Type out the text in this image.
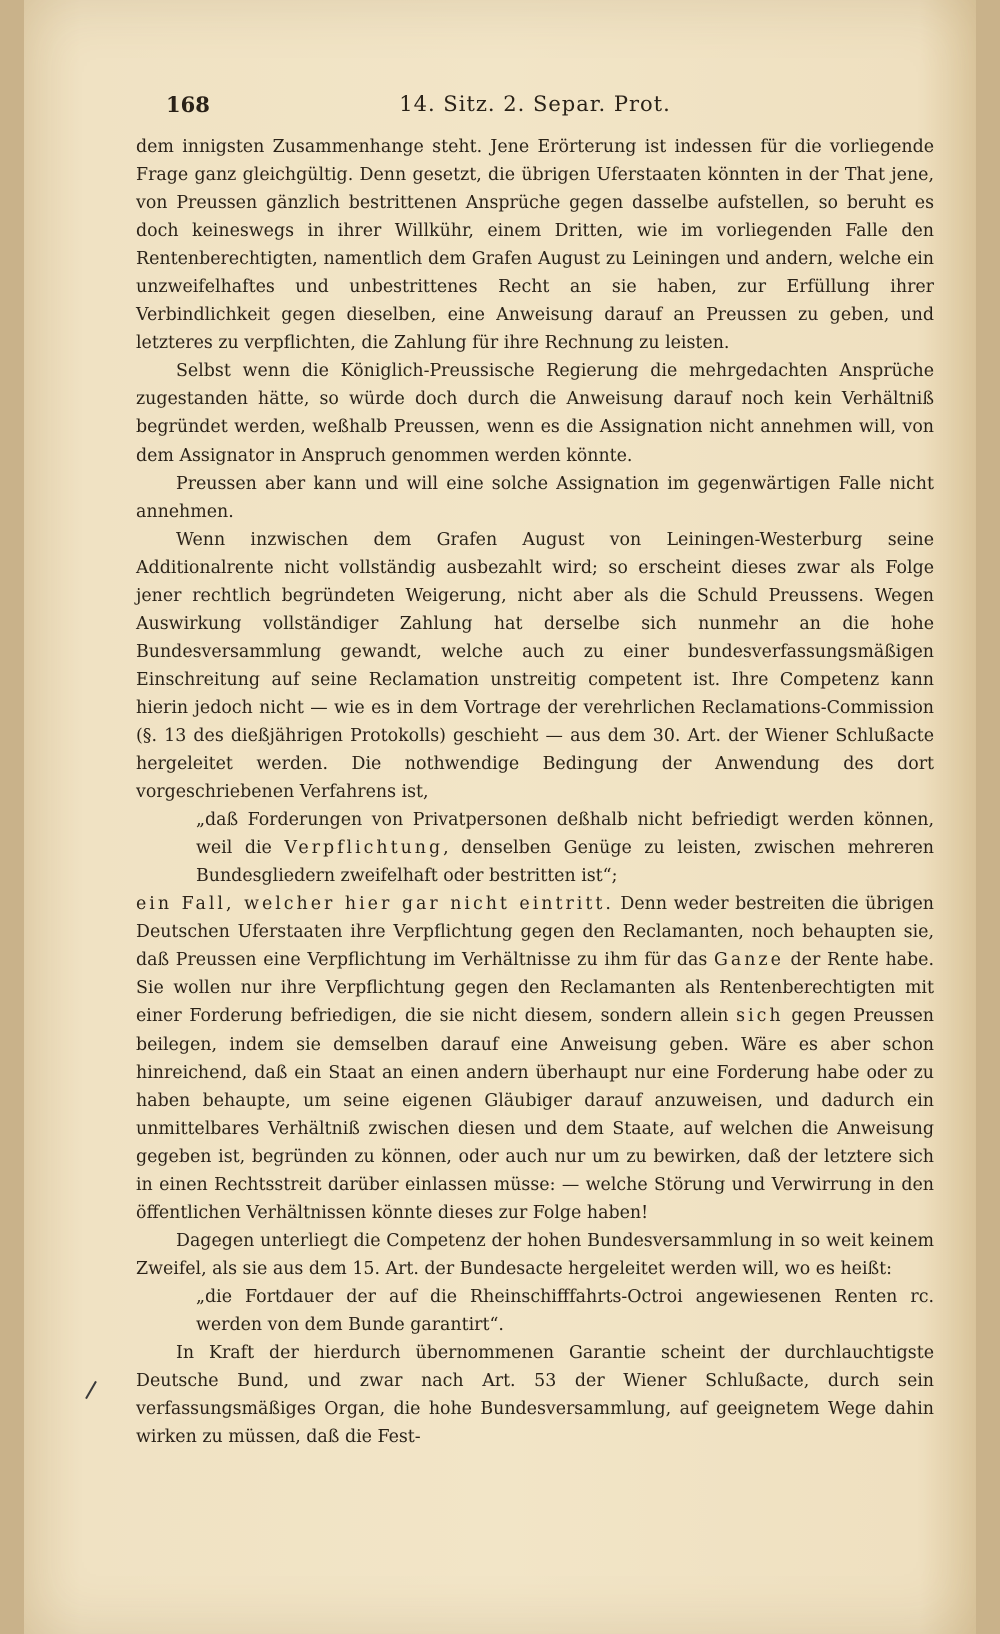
168	14. Sitz. 2. Separ. Prot.

dem innigsten Zusammenhange steht. Jene Erörterung ist indessen für die vorliegende Frage ganz gleichgültig. Denn gesetzt, die übrigen Uferstaaten könnten in der That jene, von Preussen gänzlich bestrittenen Ansprüche gegen dasselbe aufstellen, so beruht es doch keineswegs in ihrer Willkühr, einem Dritten, wie im vorliegenden Falle den Rentenberechtigten, namentlich dem Grafen August zu Leiningen und andern, welche ein unzweifelhaftes und unbestrittenes Recht an sie haben, zur Erfüllung ihrer Verbindlichkeit gegen dieselben, eine Anweisung darauf an Preussen zu geben, und letzteres zu verpflichten, die Zahlung für ihre Rechnung zu leisten.

Selbst wenn die Königlich-Preussische Regierung die mehrgedachten Ansprüche zugestanden hätte, so würde doch durch die Anweisung darauf noch kein Verhältniß begründet werden, weßhalb Preussen, wenn es die Assignation nicht annehmen will, von dem Assignator in Anspruch genommen werden könnte.

Preussen aber kann und will eine solche Assignation im gegenwärtigen Falle nicht annehmen.

Wenn inzwischen dem Grafen August von Leiningen-Westerburg seine Additionalrente nicht vollständig ausbezahlt wird; so erscheint dieses zwar als Folge jener rechtlich begründeten Weigerung, nicht aber als die Schuld Preussens. Wegen Auswirkung vollständiger Zahlung hat derselbe sich nunmehr an die hohe Bundesversammlung gewandt, welche auch zu einer bundesverfassungsmäßigen Einschreitung auf seine Reclamation unstreitig competent ist. Ihre Competenz kann hierin jedoch nicht — wie es in dem Vortrage der verehrlichen Reclamations-Commission (§. 13 des dießjährigen Protokolls) geschieht — aus dem 30. Art. der Wiener Schlußacte hergeleitet werden. Die nothwendige Bedingung der Anwendung des dort vorgeschriebenen Verfahrens ist,

„daß Forderungen von Privatpersonen deßhalb nicht befriedigt werden können, weil die Verpflichtung, denselben Genüge zu leisten, zwischen mehreren Bundesgliedern zweifelhaft oder bestritten ist“;

ein Fall, welcher hier gar nicht eintritt. Denn weder bestreiten die übrigen Deutschen Uferstaaten ihre Verpflichtung gegen den Reclamanten, noch behaupten sie, daß Preussen eine Verpflichtung im Verhältnisse zu ihm für das Ganze der Rente habe. Sie wollen nur ihre Verpflichtung gegen den Reclamanten als Rentenberechtigten mit einer Forderung befriedigen, die sie nicht diesem, sondern allein sich gegen Preussen beilegen, indem sie demselben darauf eine Anweisung geben. Wäre es aber schon hinreichend, daß ein Staat an einen andern überhaupt nur eine Forderung habe oder zu haben behaupte, um seine eigenen Gläubiger darauf anzuweisen, und dadurch ein unmittelbares Verhältniß zwischen diesen und dem Staate, auf welchen die Anweisung gegeben ist, begründen zu können, oder auch nur um zu bewirken, daß der letztere sich in einen Rechtsstreit darüber einlassen müsse: — welche Störung und Verwirrung in den öffentlichen Verhältnissen könnte dieses zur Folge haben!

Dagegen unterliegt die Competenz der hohen Bundesversammlung in so weit keinem Zweifel, als sie aus dem 15. Art. der Bundesacte hergeleitet werden will, wo es heißt:

„die Fortdauer der auf die Rheinschifffahrts-Octroi angewiesenen Renten rc. werden von dem Bunde garantirt“.

In Kraft der hierdurch übernommenen Garantie scheint der durchlauchtigste Deutsche Bund, und zwar nach Art. 53 der Wiener Schlußacte, durch sein verfassungsmäßiges Organ, die hohe Bundesversammlung, auf geeignetem Wege dahin wirken zu müssen, daß die Fest-
